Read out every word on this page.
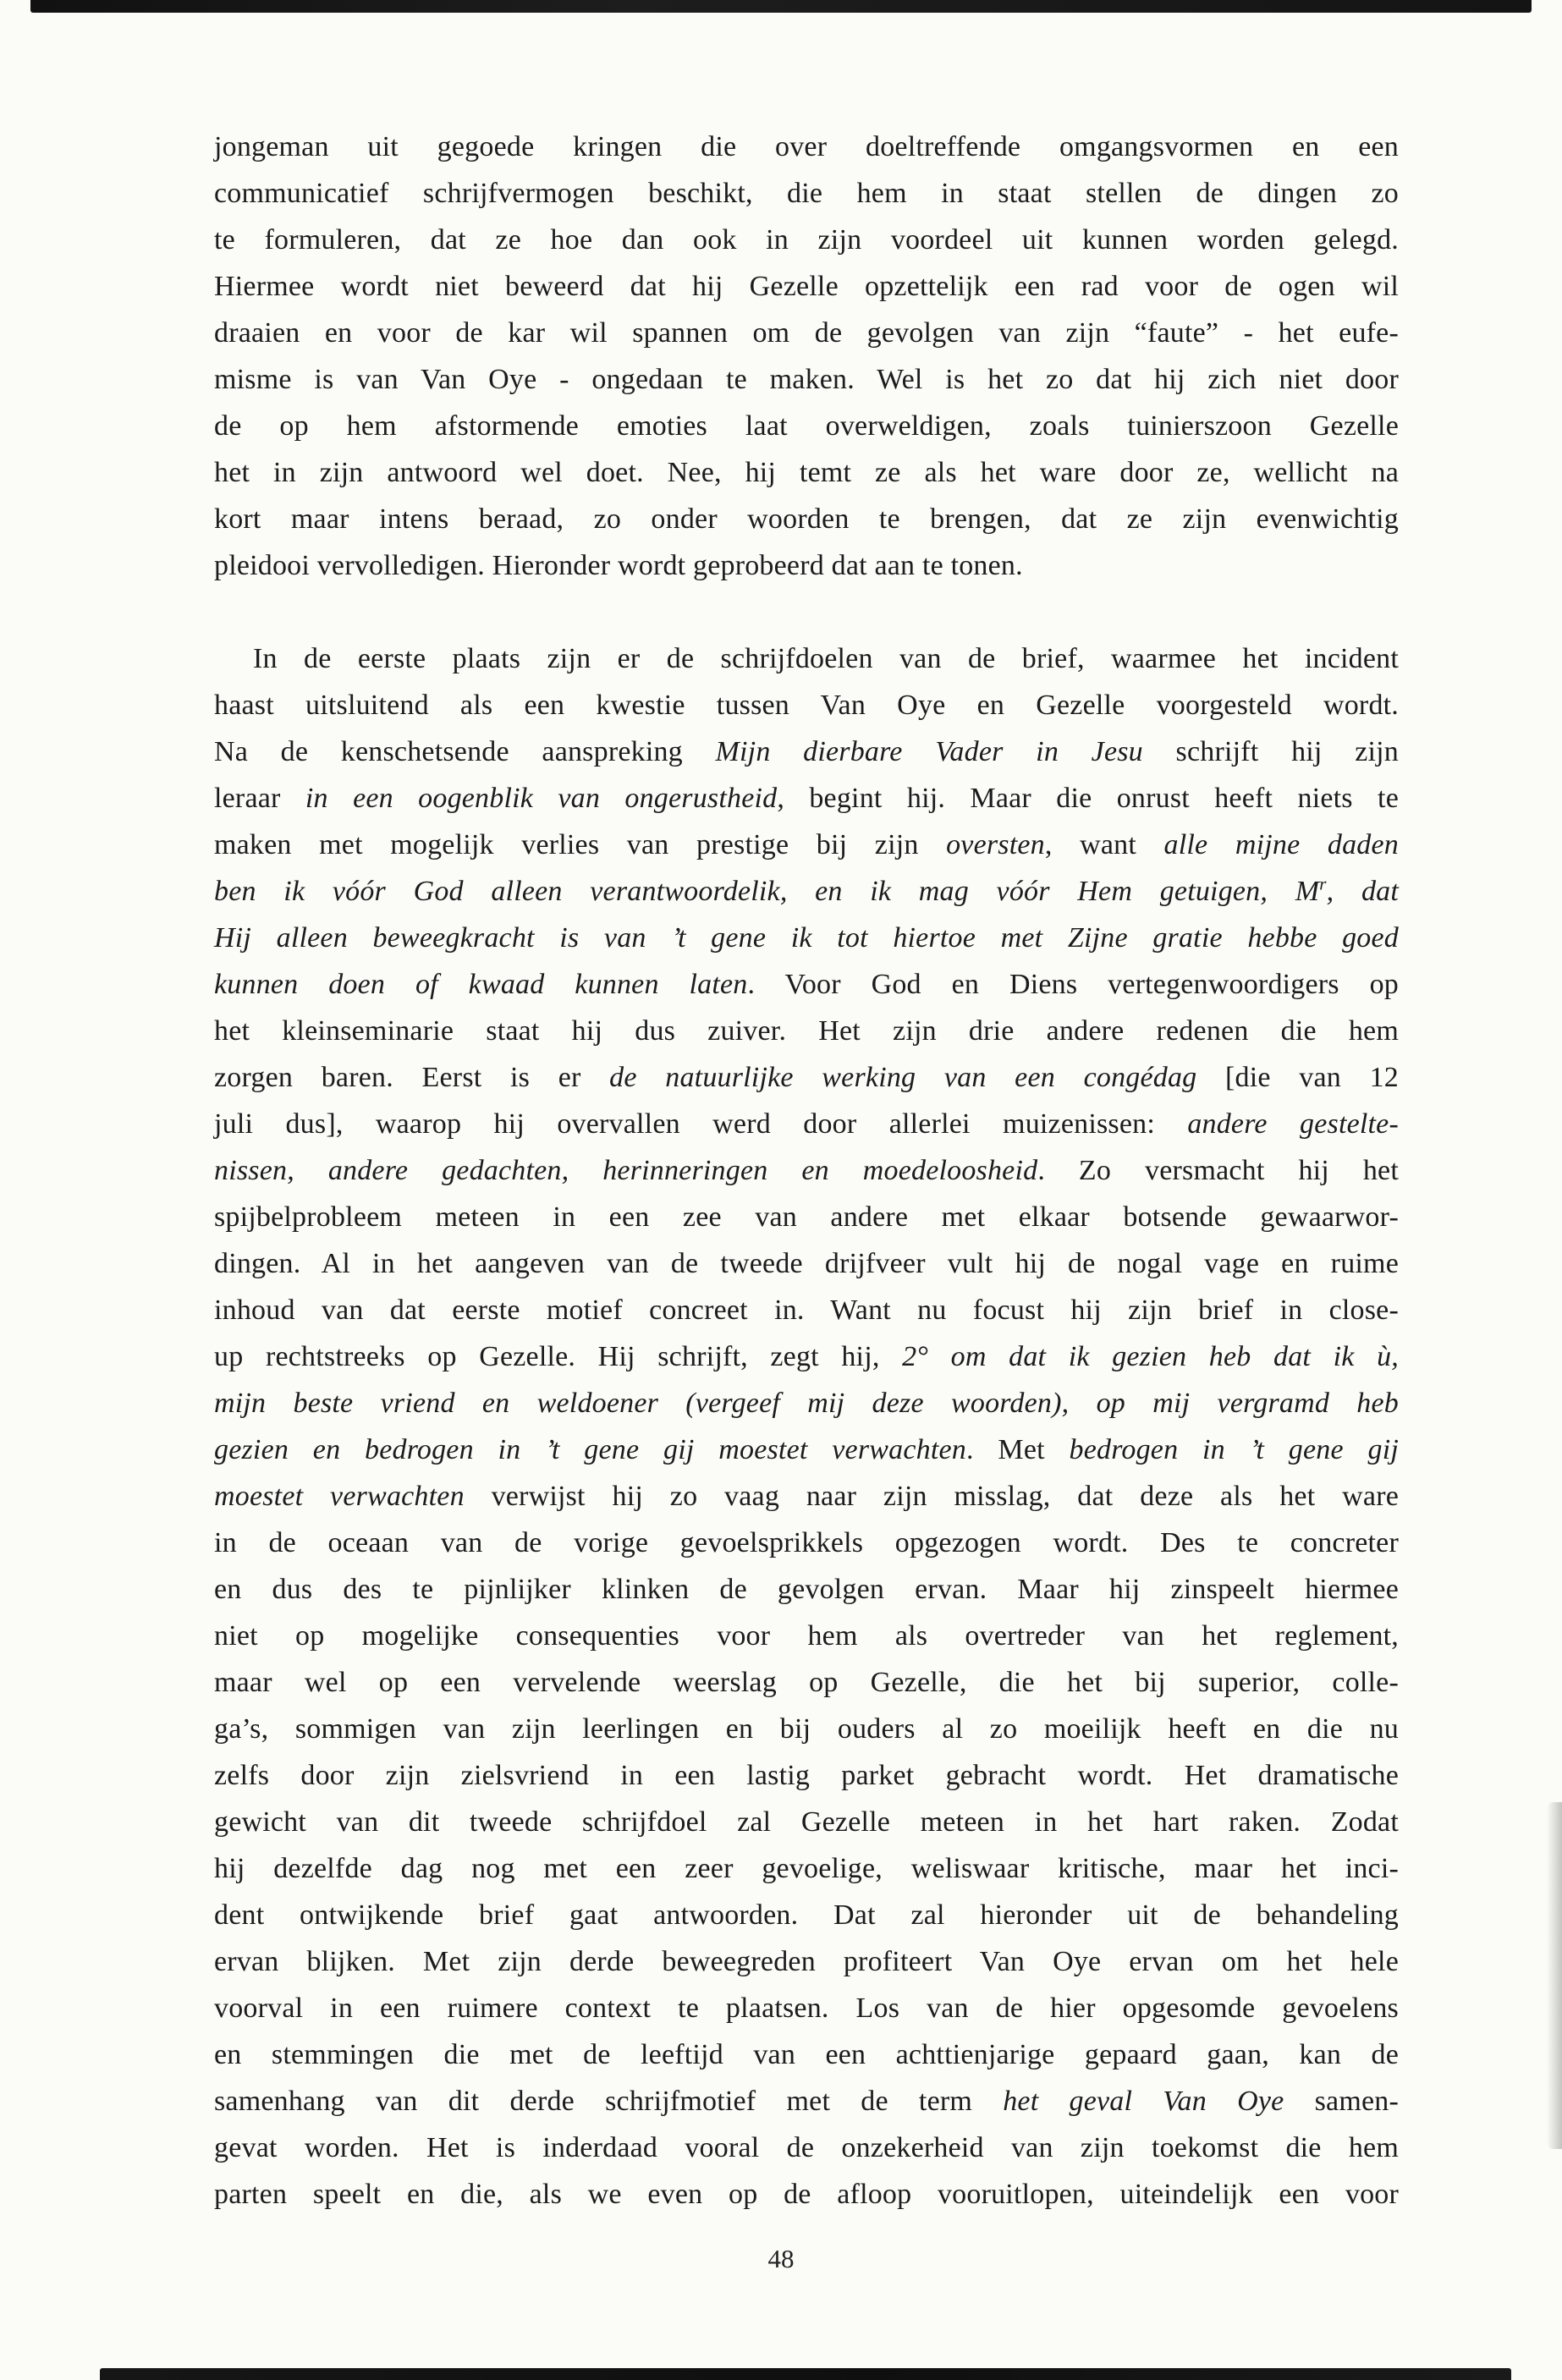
jongeman uit gegoede kringen die over doeltreffende omgangsvormen en een
communicatief schrijfvermogen beschikt, die hem in staat stellen de dingen zo
te formuleren, dat ze hoe dan ook in zijn voordeel uit kunnen worden gelegd.
Hiermee wordt niet beweerd dat hij Gezelle opzettelijk een rad voor de ogen wil
draaien en voor de kar wil spannen om de gevolgen van zijn “faute” - het eufe-
misme is van Van Oye - ongedaan te maken. Wel is het zo dat hij zich niet door
de op hem afstormende emoties laat overweldigen, zoals tuinierszoon Gezelle
het in zijn antwoord wel doet. Nee, hij temt ze als het ware door ze, wellicht na
kort maar intens beraad, zo onder woorden te brengen, dat ze zijn evenwichtig
pleidooi vervolledigen. Hieronder wordt geprobeerd dat aan te tonen.
In de eerste plaats zijn er de schrijfdoelen van de brief, waarmee het incident
haast uitsluitend als een kwestie tussen Van Oye en Gezelle voorgesteld wordt.
Na de kenschetsende aanspreking Mijn dierbare Vader in Jesu schrijft hij zijn
leraar in een oogenblik van ongerustheid, begint hij. Maar die onrust heeft niets te
maken met mogelijk verlies van prestige bij zijn oversten, want alle mijne daden
ben ik vóór God alleen verantwoordelik, en ik mag vóór Hem getuigen, $M^r$, dat
Hij alleen beweegkracht is van ’t gene ik tot hiertoe met Zijne gratie hebbe goed
kunnen doen of kwaad kunnen laten. Voor God en Diens vertegenwoordigers op
het kleinseminarie staat hij dus zuiver. Het zijn drie andere redenen die hem
zorgen baren. Eerst is er de natuurlijke werking van een congédag [die van 12
juli dus], waarop hij overvallen werd door allerlei muizenissen: andere gestelte-
nissen, andere gedachten, herinneringen en moedeloosheid. Zo versmacht hij het
spijbelprobleem meteen in een zee van andere met elkaar botsende gewaarwor-
dingen. Al in het aangeven van de tweede drijfveer vult hij de nogal vage en ruime
inhoud van dat eerste motief concreet in. Want nu focust hij zijn brief in close-
up rechtstreeks op Gezelle. Hij schrijft, zegt hij, 2° om dat ik gezien heb dat ik ù,
mijn beste vriend en weldoener (vergeef mij deze woorden), op mij vergramd heb
gezien en bedrogen in ’t gene gij moestet verwachten. Met bedrogen in ’t gene gij
moestet verwachten verwijst hij zo vaag naar zijn misslag, dat deze als het ware
in de oceaan van de vorige gevoelsprikkels opgezogen wordt. Des te concreter
en dus des te pijnlijker klinken de gevolgen ervan. Maar hij zinspeelt hiermee
niet op mogelijke consequenties voor hem als overtreder van het reglement,
maar wel op een vervelende weerslag op Gezelle, die het bij superior, colle-
ga’s, sommigen van zijn leerlingen en bij ouders al zo moeilijk heeft en die nu
zelfs door zijn zielsvriend in een lastig parket gebracht wordt. Het dramatische
gewicht van dit tweede schrijfdoel zal Gezelle meteen in het hart raken. Zodat
hij dezelfde dag nog met een zeer gevoelige, weliswaar kritische, maar het inci-
dent ontwijkende brief gaat antwoorden. Dat zal hieronder uit de behandeling
ervan blijken. Met zijn derde beweegreden profiteert Van Oye ervan om het hele
voorval in een ruimere context te plaatsen. Los van de hier opgesomde gevoelens
en stemmingen die met de leeftijd van een achttienjarige gepaard gaan, kan de
samenhang van dit derde schrijfmotief met de term het geval Van Oye samen-
gevat worden. Het is inderdaad vooral de onzekerheid van zijn toekomst die hem
parten speelt en die, als we even op de afloop vooruitlopen, uiteindelijk een voor
48
